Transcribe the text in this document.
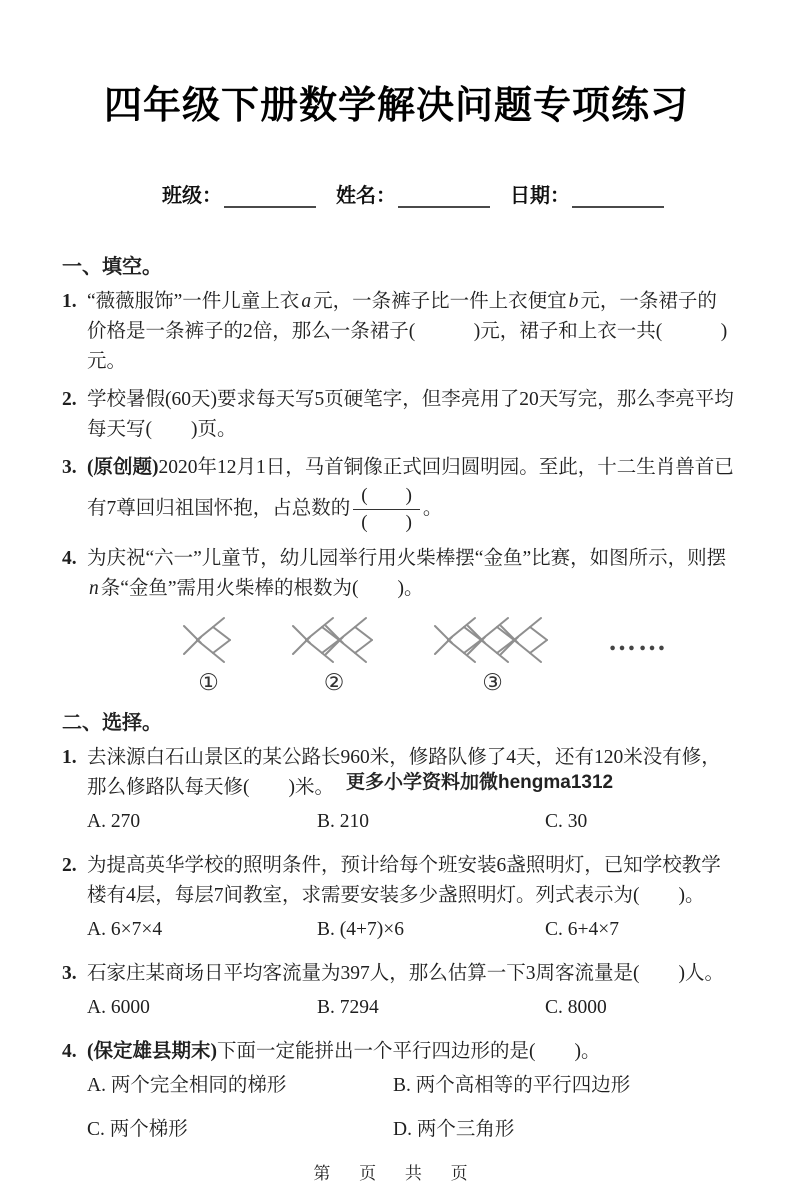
四年级下册数学解决问题专项练习
班级：	姓名：	日期：
一、填空。
1. “薇薇服饰”一件儿童上衣 a 元，一条裤子比一件上衣便宜 b 元，一条裙子的价格是一条裤子的2倍，那么一条裙子(　　　)元，裙子和上衣一共(　　　)元。
2. 学校暑假(60天)要求每天写5页硬笔字，但李亮用了20天写完，那么李亮平均每天写(　　)页。
3. (原创题)2020年12月1日，马首铜像正式回归圆明园。至此，十二生肖兽首已有7尊回归祖国怀抱，占总数的 $\frac{( )}{( )}$ 。
4. 为庆祝“六一”儿童节，幼儿园举行用火柴棒摆“金鱼”比赛，如图所示，则摆n 条“金鱼”需用火柴棒的根数为(　　)。
①	②	③
……
二、选择。
1. 去涞源白石山景区的某公路长960米，修路队修了4天，还有120米没有修，那么修路队每天修(　　)米。 更多小学资料加微hengma1312
A. 270	B. 210	C. 30
2. 为提高英华学校的照明条件，预计给每个班安装6盏照明灯，已知学校教学楼有4层，每层7间教室，求需要安装多少盏照明灯。列式表示为(　　)。
A. 6×7×4	B. (4+7)×6	C. 6+4×7
3. 石家庄某商场日平均客流量为397人，那么估算一下3周客流量是(　　)人。
A. 6000	B. 7294	C. 8000
4. (保定雄县期末)下面一定能拼出一个平行四边形的是(　　)。
A. 两个完全相同的梯形	B. 两个高相等的平行四边形
C. 两个梯形	D. 两个三角形
第 页 共 页
